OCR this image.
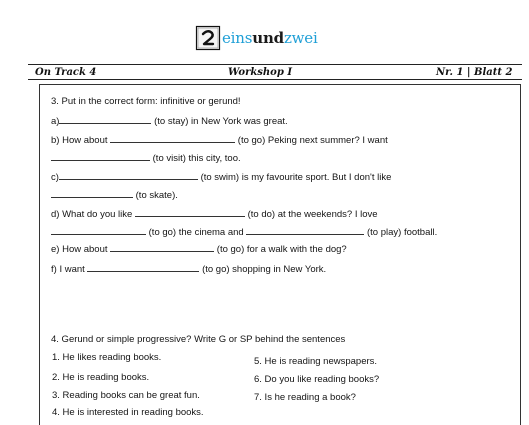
einsundzwei
On Track 4	Workshop I	Nr. 1 | Blatt 2
3. Put in the correct form: infinitive or gerund!
a)	(to stay) in New York was great.
b) How about	(to go) Peking next summer? I want
(to visit) this city, too.
c)	(to swim) is my favourite sport. But I don't like
(to skate).
d) What do you like	(to do) at the weekends? I love
(to go) the cinema and	(to play) football.
e) How about	(to go) for a walk with the dog?
f) I want	(to go) shopping in New York.
4. Gerund or simple progressive? Write G or SP behind the sentences
1. He likes reading books.
2. He is reading books.
3. Reading books can be great fun.
4. He is interested in reading books.
5. He is reading newspapers.
6. Do you like reading books?
7. Is he reading a book?
